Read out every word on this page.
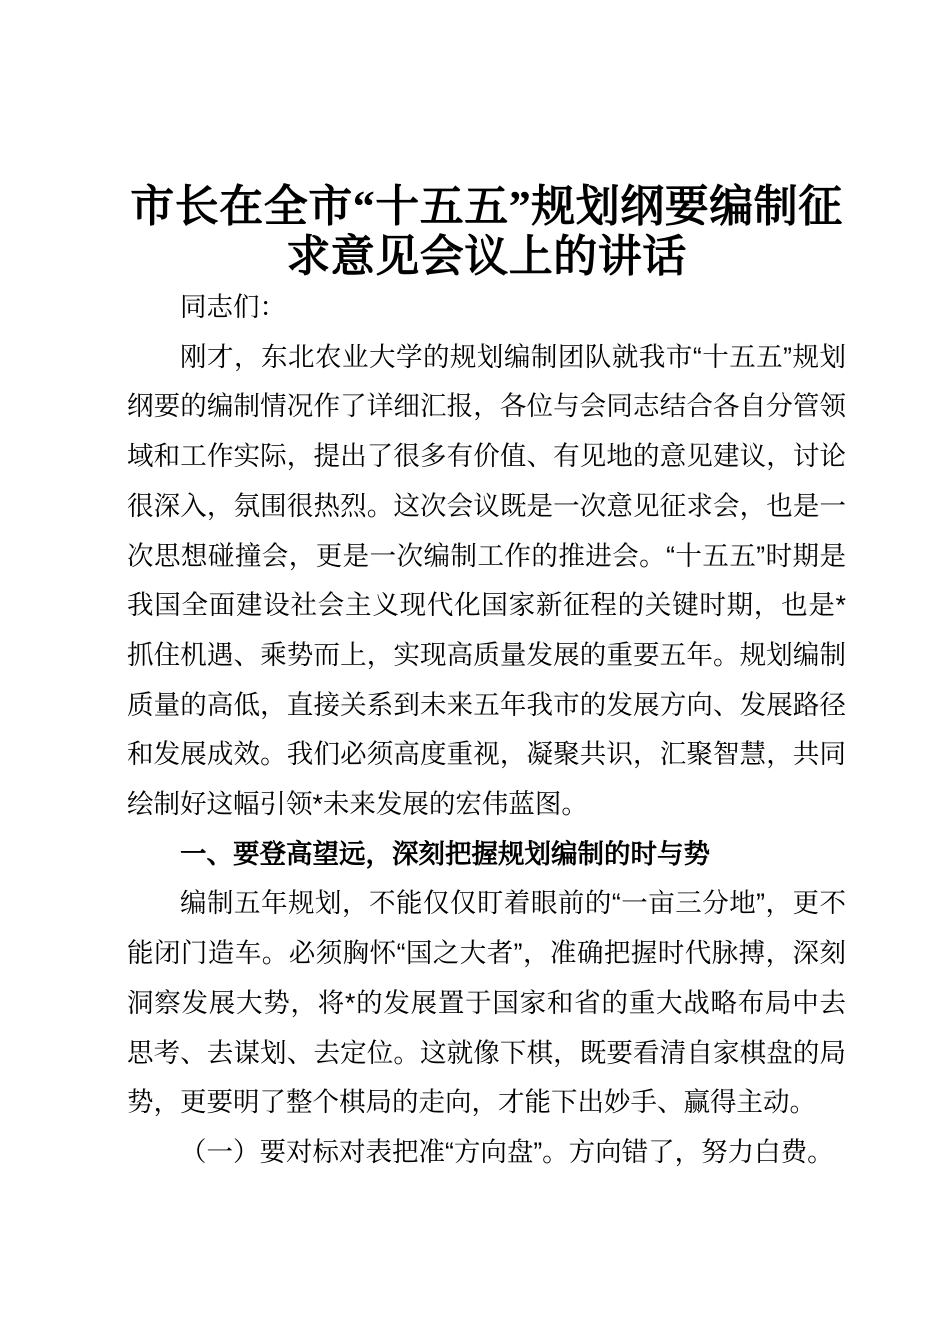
市长在全市“十五五”规划纲要编制征求意见会议上的讲话

同志们：

刚才，东北农业大学的规划编制团队就我市“十五五”规划纲要的编制情况作了详细汇报，各位与会同志结合各自分管领域和工作实际，提出了很多有价值、有见地的意见建议，讨论很深入，氛围很热烈。这次会议既是一次意见征求会，也是一次思想碰撞会，更是一次编制工作的推进会。“十五五”时期是我国全面建设社会主义现代化国家新征程的关键时期，也是*抓住机遇、乘势而上，实现高质量发展的重要五年。规划编制质量的高低，直接关系到未来五年我市的发展方向、发展路径和发展成效。我们必须高度重视，凝聚共识，汇聚智慧，共同绘制好这幅引领*未来发展的宏伟蓝图。

一、要登高望远，深刻把握规划编制的时与势

编制五年规划，不能仅仅盯着眼前的“一亩三分地”，更不能闭门造车。必须胸怀“国之大者”，准确把握时代脉搏，深刻洞察发展大势，将*的发展置于国家和省的重大战略布局中去思考、去谋划、去定位。这就像下棋，既要看清自家棋盘的局势，更要明了整个棋局的走向，才能下出妙手、赢得主动。

（一）要对标对表把准“方向盘”。方向错了，努力白费。
